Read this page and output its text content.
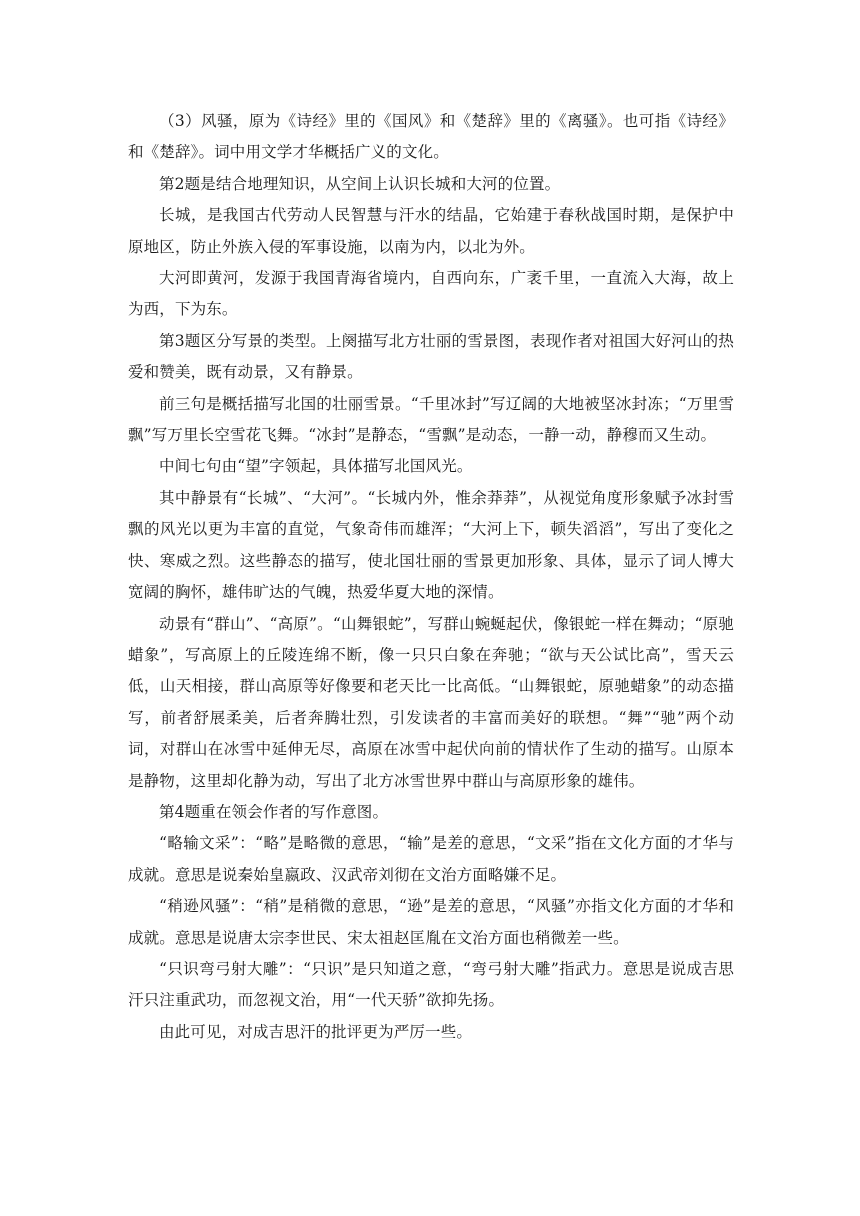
（3）风骚，原为《诗经》里的《国风》和《楚辞》里的《离骚》。也可指《诗经》和《楚辞》。词中用文学才华概括广义的文化。

第2题是结合地理知识，从空间上认识长城和大河的位置。

长城，是我国古代劳动人民智慧与汗水的结晶，它始建于春秋战国时期，是保护中原地区，防止外族入侵的军事设施，以南为内，以北为外。

大河即黄河，发源于我国青海省境内，自西向东，广袤千里，一直流入大海，故上为西，下为东。

第3题区分写景的类型。上阕描写北方壮丽的雪景图，表现作者对祖国大好河山的热爱和赞美，既有动景，又有静景。

前三句是概括描写北国的壮丽雪景。“千里冰封”写辽阔的大地被坚冰封冻；“万里雪飘”写万里长空雪花飞舞。“冰封”是静态，“雪飘”是动态，一静一动，静穆而又生动。

中间七句由“望”字领起，具体描写北国风光。

其中静景有“长城”、“大河”。“长城内外，惟余莽莽”，从视觉角度形象赋予冰封雪飘的风光以更为丰富的直觉，气象奇伟而雄浑；“大河上下，顿失滔滔”，写出了变化之快、寒威之烈。这些静态的描写，使北国壮丽的雪景更加形象、具体，显示了词人博大宽阔的胸怀，雄伟旷达的气魄，热爱华夏大地的深情。

动景有“群山”、“高原”。“山舞银蛇”，写群山蜿蜒起伏，像银蛇一样在舞动；“原驰蜡象”，写高原上的丘陵连绵不断，像一只只白象在奔驰；“欲与天公试比高”，雪天云低，山天相接，群山高原等好像要和老天比一比高低。“山舞银蛇，原驰蜡象”的动态描写，前者舒展柔美，后者奔腾壮烈，引发读者的丰富而美好的联想。“舞”“驰”两个动词，对群山在冰雪中延伸无尽，高原在冰雪中起伏向前的情状作了生动的描写。山原本是静物，这里却化静为动，写出了北方冰雪世界中群山与高原形象的雄伟。

第4题重在领会作者的写作意图。

“略输文采”：“略”是略微的意思，“输”是差的意思，“文采”指在文化方面的才华与成就。意思是说秦始皇嬴政、汉武帝刘彻在文治方面略嫌不足。

“稍逊风骚”：“稍”是稍微的意思，“逊”是差的意思，“风骚”亦指文化方面的才华和成就。意思是说唐太宗李世民、宋太祖赵匡胤在文治方面也稍微差一些。

“只识弯弓射大雕”：“只识”是只知道之意，“弯弓射大雕”指武力。意思是说成吉思汗只注重武功，而忽视文治，用“一代天骄”欲抑先扬。

由此可见，对成吉思汗的批评更为严厉一些。
